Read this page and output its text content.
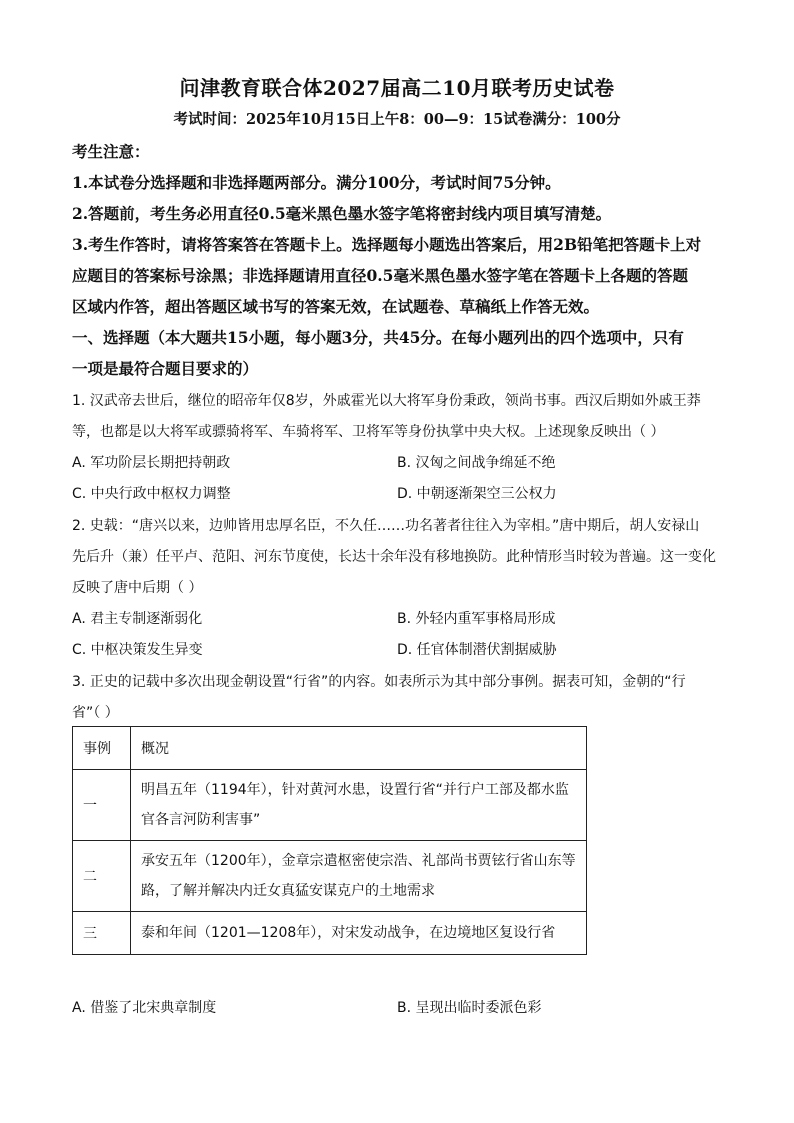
问津教育联合体2027届高二10月联考历史试卷
考试时间：2025年10月15日上午8：00—9：15试卷满分：100分
考生注意：
1.本试卷分选择题和非选择题两部分。满分100分，考试时间75分钟。
2.答题前，考生务必用直径0.5毫米黑色墨水签字笔将密封线内项目填写清楚。
3.考生作答时，请将答案答在答题卡上。选择题每小题选出答案后，用2B铅笔把答题卡上对
应题目的答案标号涂黑；非选择题请用直径0.5毫米黑色墨水签字笔在答题卡上各题的答题
区域内作答，超出答题区域书写的答案无效，在试题卷、草稿纸上作答无效。
一、选择题（本大题共15小题，每小题3分，共45分。在每小题列出的四个选项中，只有
一项是最符合题目要求的）
1. 汉武帝去世后，继位的昭帝年仅8岁，外戚霍光以大将军身份秉政，领尚书事。西汉后期如外戚王莽
等，也都是以大将军或骠骑将军、车骑将军、卫将军等身份执掌中央大权。上述现象反映出（ ）
A. 军功阶层长期把持朝政	B. 汉匈之间战争绵延不绝
C. 中央行政中枢权力调整	D. 中朝逐渐架空三公权力
2. 史载：“唐兴以来，边帅皆用忠厚名臣，不久任……功名著者往往入为宰相。”唐中期后，胡人安禄山
先后升（兼）任平卢、范阳、河东节度使，长达十余年没有移地换防。此种情形当时较为普遍。这一变化
反映了唐中后期（ ）
A. 君主专制逐渐弱化	B. 外轻内重军事格局形成
C. 中枢决策发生异变	D. 任官体制潜伏割据威胁
3. 正史的记载中多次出现金朝设置“行省”的内容。如表所示为其中部分事例。据表可知，金朝的“行
省”（ ）
事例	概况
一	明昌五年（1194年），针对黄河水患，设置行省“并行户工部及都水监
官各言河防利害事”

二	承安五年（1200年），金章宗遣枢密使宗浩、礼部尚书贾铉行省山东等
路，了解并解决内迁女真猛安谋克户的土地需求

三	泰和年间（1201—1208年），对宋发动战争，在边境地区复设行省
A. 借鉴了北宋典章制度	B. 呈现出临时委派色彩
